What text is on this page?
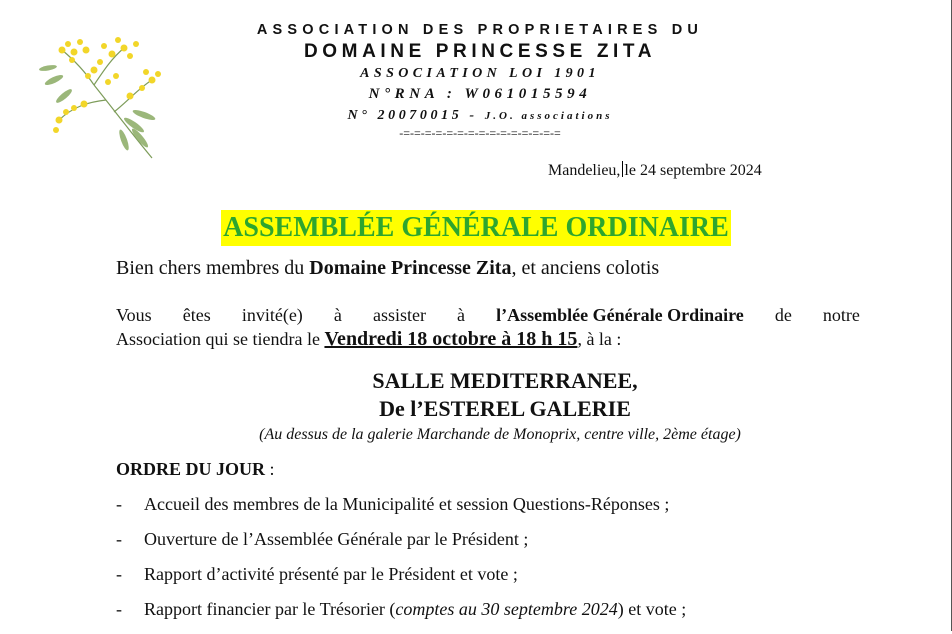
ASSOCIATION DES PROPRIETAIRES DU
DOMAINE PRINCESSE ZITA
ASSOCIATION LOI 1901
N°RNA : W061015594
N° 20070015 - J.O. associations
-=-=-=-=-=-=-=-=-=-=-=-=-=-=-=
Mandelieu, le 24 septembre 2024
ASSEMBLÉE GÉNÉRALE ORDINAIRE
Bien chers membres du Domaine Princesse Zita, et anciens colotis
Vous êtes invité(e) à assister à l’Assemblée Générale Ordinaire de notre
Association qui se tiendra le Vendredi 18 octobre à 18 h 15, à la :
SALLE MEDITERRANEE,
De l’ESTEREL GALERIE
(Au dessus de la galerie Marchande de Monoprix, centre ville, 2ème étage)
ORDRE DU JOUR :
- Accueil des membres de la Municipalité et session Questions-Réponses ;
- Ouverture de l’Assemblée Générale par le Président ;
- Rapport d’activité présenté par le Président et vote ;
- Rapport financier par le Trésorier (comptes au 30 septembre 2024) et vote ;
